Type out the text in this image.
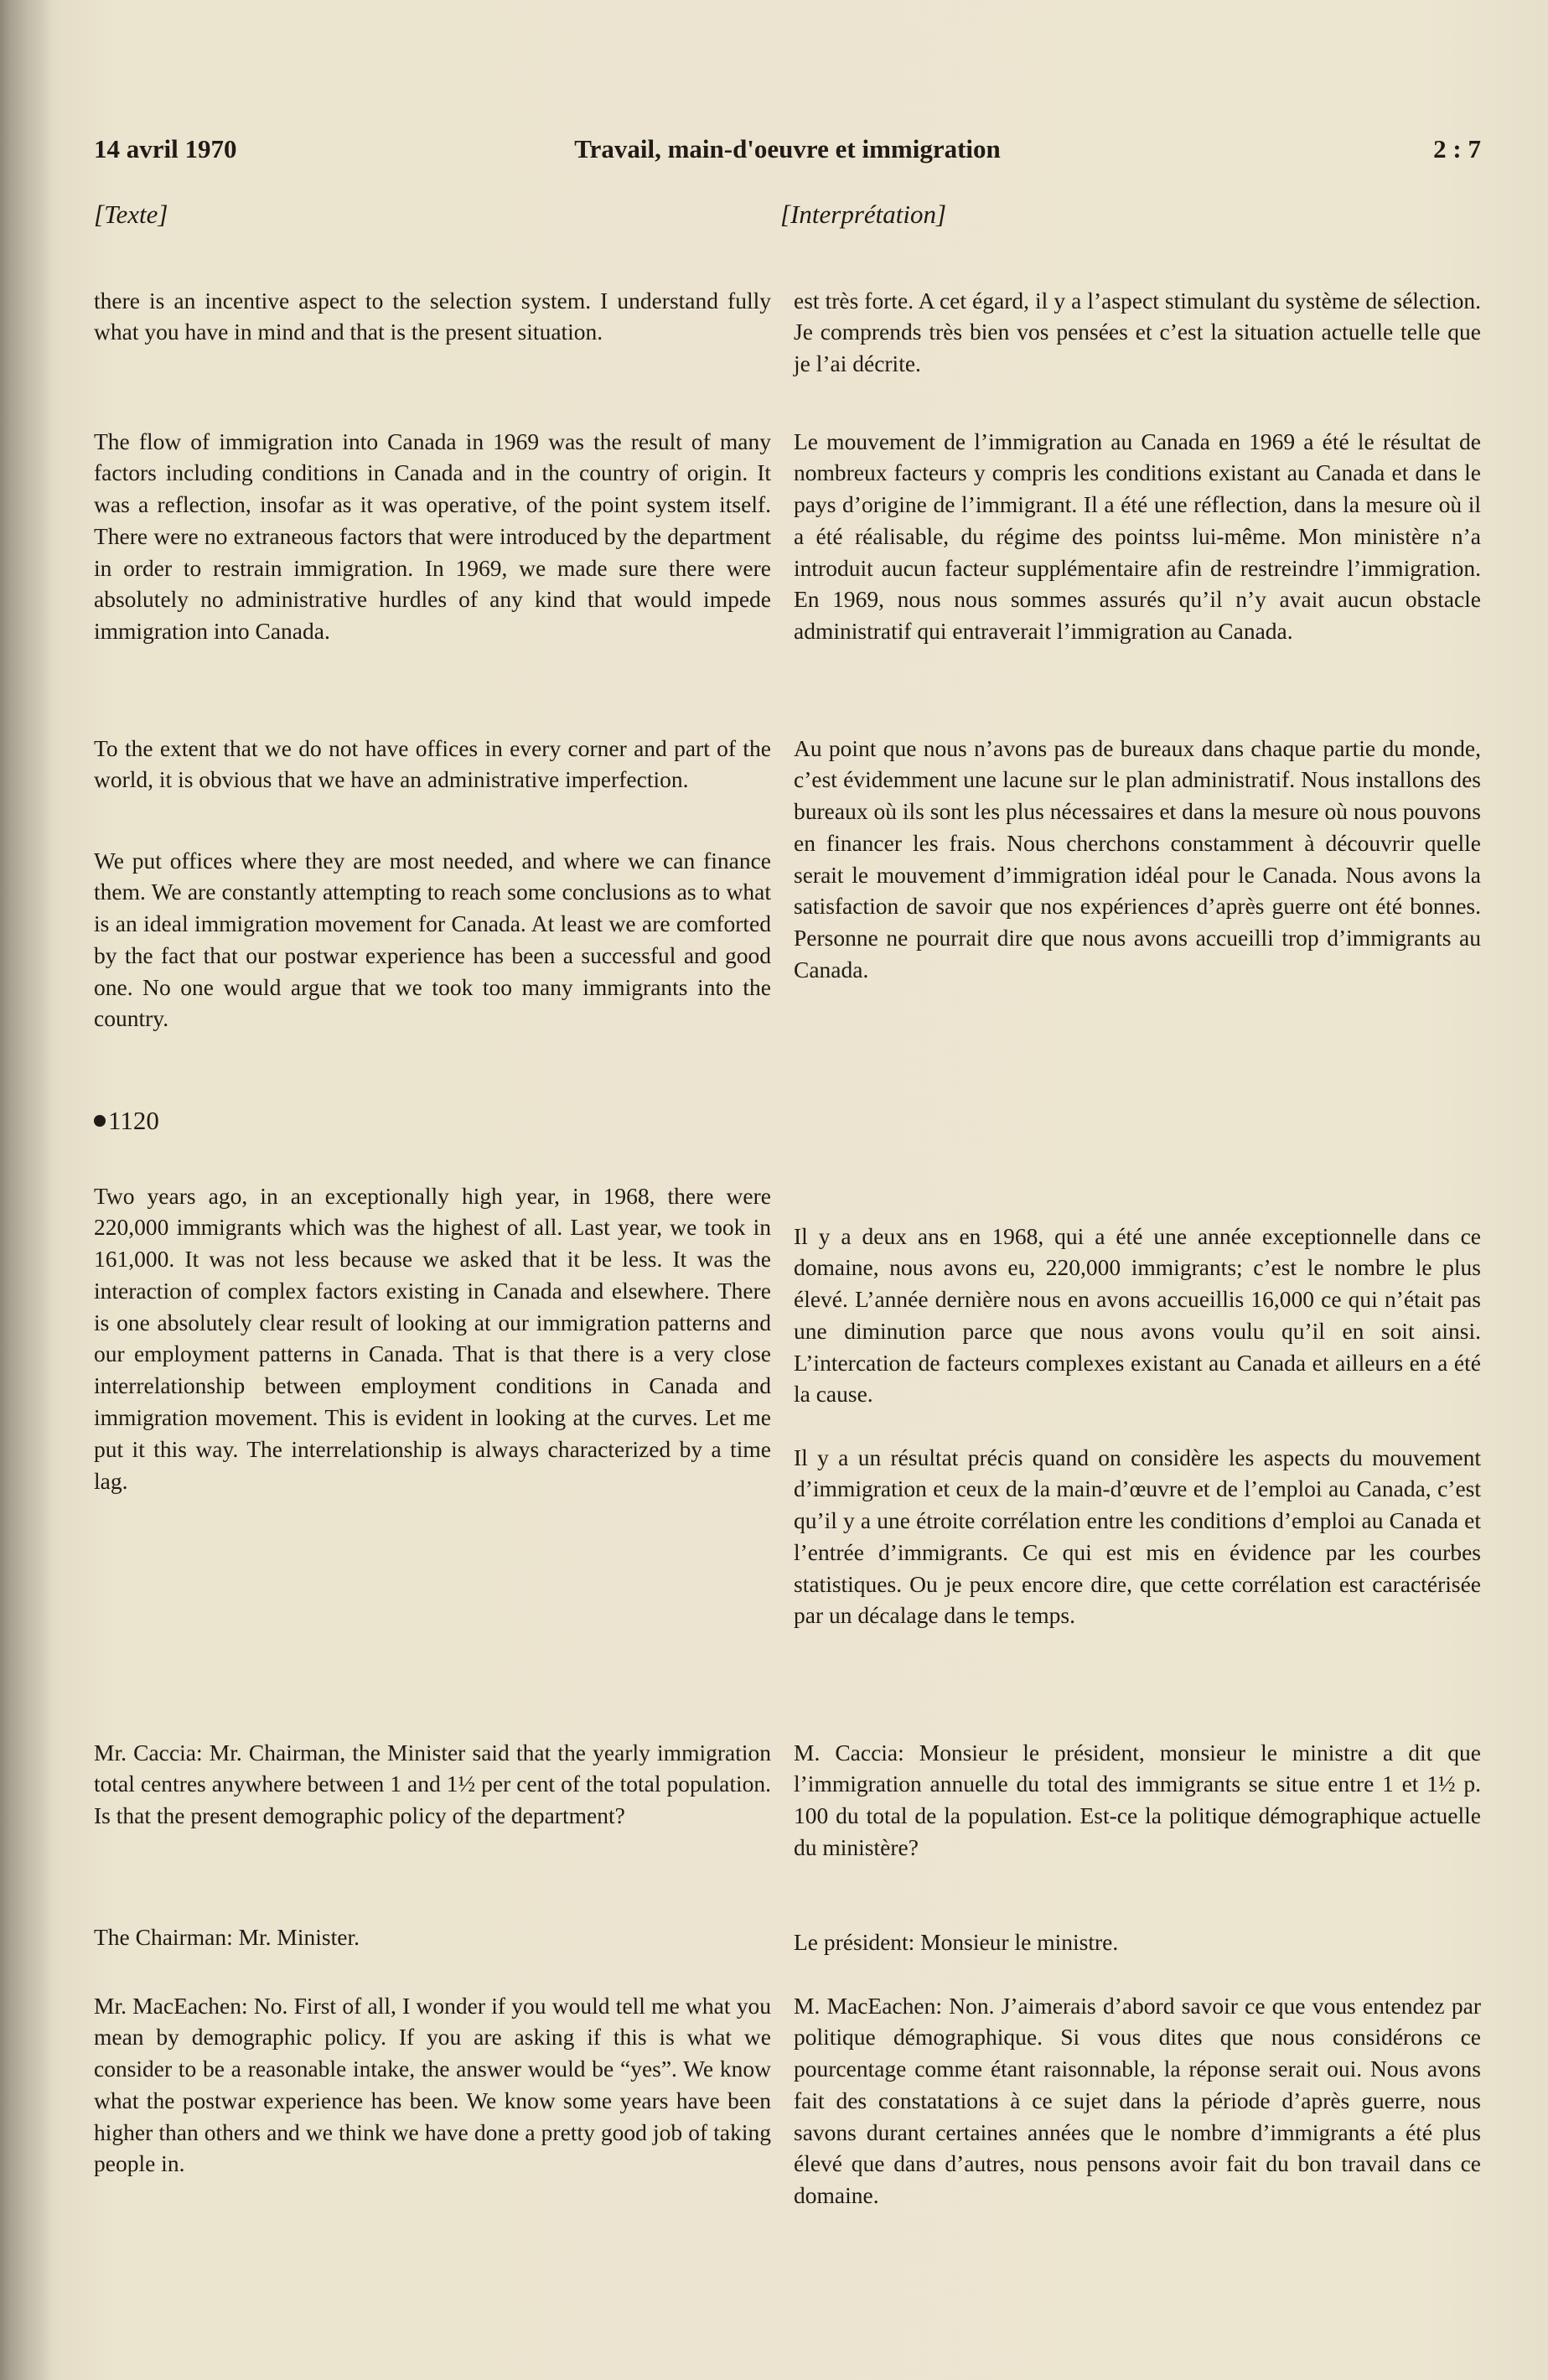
14 avril 1970	Travail, main-d'oeuvre et immigration	2 : 7
[Texte]	[Interprétation]

there is an incentive aspect to the selection system. I understand fully what you have in mind and that is the present situation.

The flow of immigration into Canada in 1969 was the result of many factors including conditions in Canada and in the country of origin. It was a reflection, insofar as it was operative, of the point system itself. There were no extraneous factors that were introduced by the department in order to restrain immigration. In 1969, we made sure there were absolutely no administrative hurdles of any kind that would impede immigration into Canada.

To the extent that we do not have offices in every corner and part of the world, it is obvious that we have an administrative imperfection.

We put offices where they are most needed, and where we can finance them. We are constantly attempting to reach some conclusions as to what is an ideal immigration movement for Canada. At least we are comforted by the fact that our postwar experience has been a successful and good one. No one would argue that we took too many immigrants into the country.

1120

Two years ago, in an exceptionally high year, in 1968, there were 220,000 immigrants which was the highest of all. Last year, we took in 161,000. It was not less because we asked that it be less. It was the interaction of complex factors existing in Canada and elsewhere. There is one absolutely clear result of looking at our immigration patterns and our employment patterns in Canada. That is that there is a very close interrelationship between employment conditions in Canada and immigration movement. This is evident in looking at the curves. Let me put it this way. The interrelationship is always characterized by a time lag.

Mr. Caccia: Mr. Chairman, the Minister said that the yearly immigration total centres anywhere between 1 and 1½ per cent of the total population. Is that the present demographic policy of the department?

The Chairman: Mr. Minister.

Mr. MacEachen: No. First of all, I wonder if you would tell me what you mean by demographic policy. If you are asking if this is what we consider to be a reasonable intake, the answer would be “yes”. We know what the postwar experience has been. We know some years have been higher than others and we think we have done a pretty good job of taking people in.

est très forte. A cet égard, il y a l’aspect stimulant du système de sélection. Je comprends très bien vos pensées et c’est la situation actuelle telle que je l’ai décrite.

Le mouvement de l’immigration au Canada en 1969 a été le résultat de nombreux facteurs y compris les conditions existant au Canada et dans le pays d’origine de l’immigrant. Il a été une réflection, dans la mesure où il a été réalisable, du régime des pointss lui-même. Mon ministère n’a introduit aucun facteur supplémentaire afin de restreindre l’immigration. En 1969, nous nous sommes assurés qu’il n’y avait aucun obstacle administratif qui entraverait l’immigration au Canada.

Au point que nous n’avons pas de bureaux dans chaque partie du monde, c’est évidemment une lacune sur le plan administratif. Nous installons des bureaux où ils sont les plus nécessaires et dans la mesure où nous pouvons en financer les frais. Nous cherchons constamment à découvrir quelle serait le mouvement d’immigration idéal pour le Canada. Nous avons la satisfaction de savoir que nos expériences d’après guerre ont été bonnes. Personne ne pourrait dire que nous avons accueilli trop d’immigrants au Canada.

Il y a deux ans en 1968, qui a été une année exceptionnelle dans ce domaine, nous avons eu, 220,000 immigrants; c’est le nombre le plus élevé. L’année dernière nous en avons accueillis 16,000 ce qui n’était pas une diminution parce que nous avons voulu qu’il en soit ainsi. L’intercation de facteurs complexes existant au Canada et ailleurs en a été la cause.

Il y a un résultat précis quand on considère les aspects du mouvement d’immigration et ceux de la main-d’œuvre et de l’emploi au Canada, c’est qu’il y a une étroite corrélation entre les conditions d’emploi au Canada et l’entrée d’immigrants. Ce qui est mis en évidence par les courbes statistiques. Ou je peux encore dire, que cette corrélation est caractérisée par un décalage dans le temps.

M. Caccia: Monsieur le président, monsieur le ministre a dit que l’immigration annuelle du total des immigrants se situe entre 1 et 1½ p. 100 du total de la population. Est-ce la politique démographique actuelle du ministère?

Le président: Monsieur le ministre.

M. MacEachen: Non. J’aimerais d’abord savoir ce que vous entendez par politique démographique. Si vous dites que nous considérons ce pourcentage comme étant raisonnable, la réponse serait oui. Nous avons fait des constatations à ce sujet dans la période d’après guerre, nous savons durant certaines années que le nombre d’immigrants a été plus élevé que dans d’autres, nous pensons avoir fait du bon travail dans ce domaine.
